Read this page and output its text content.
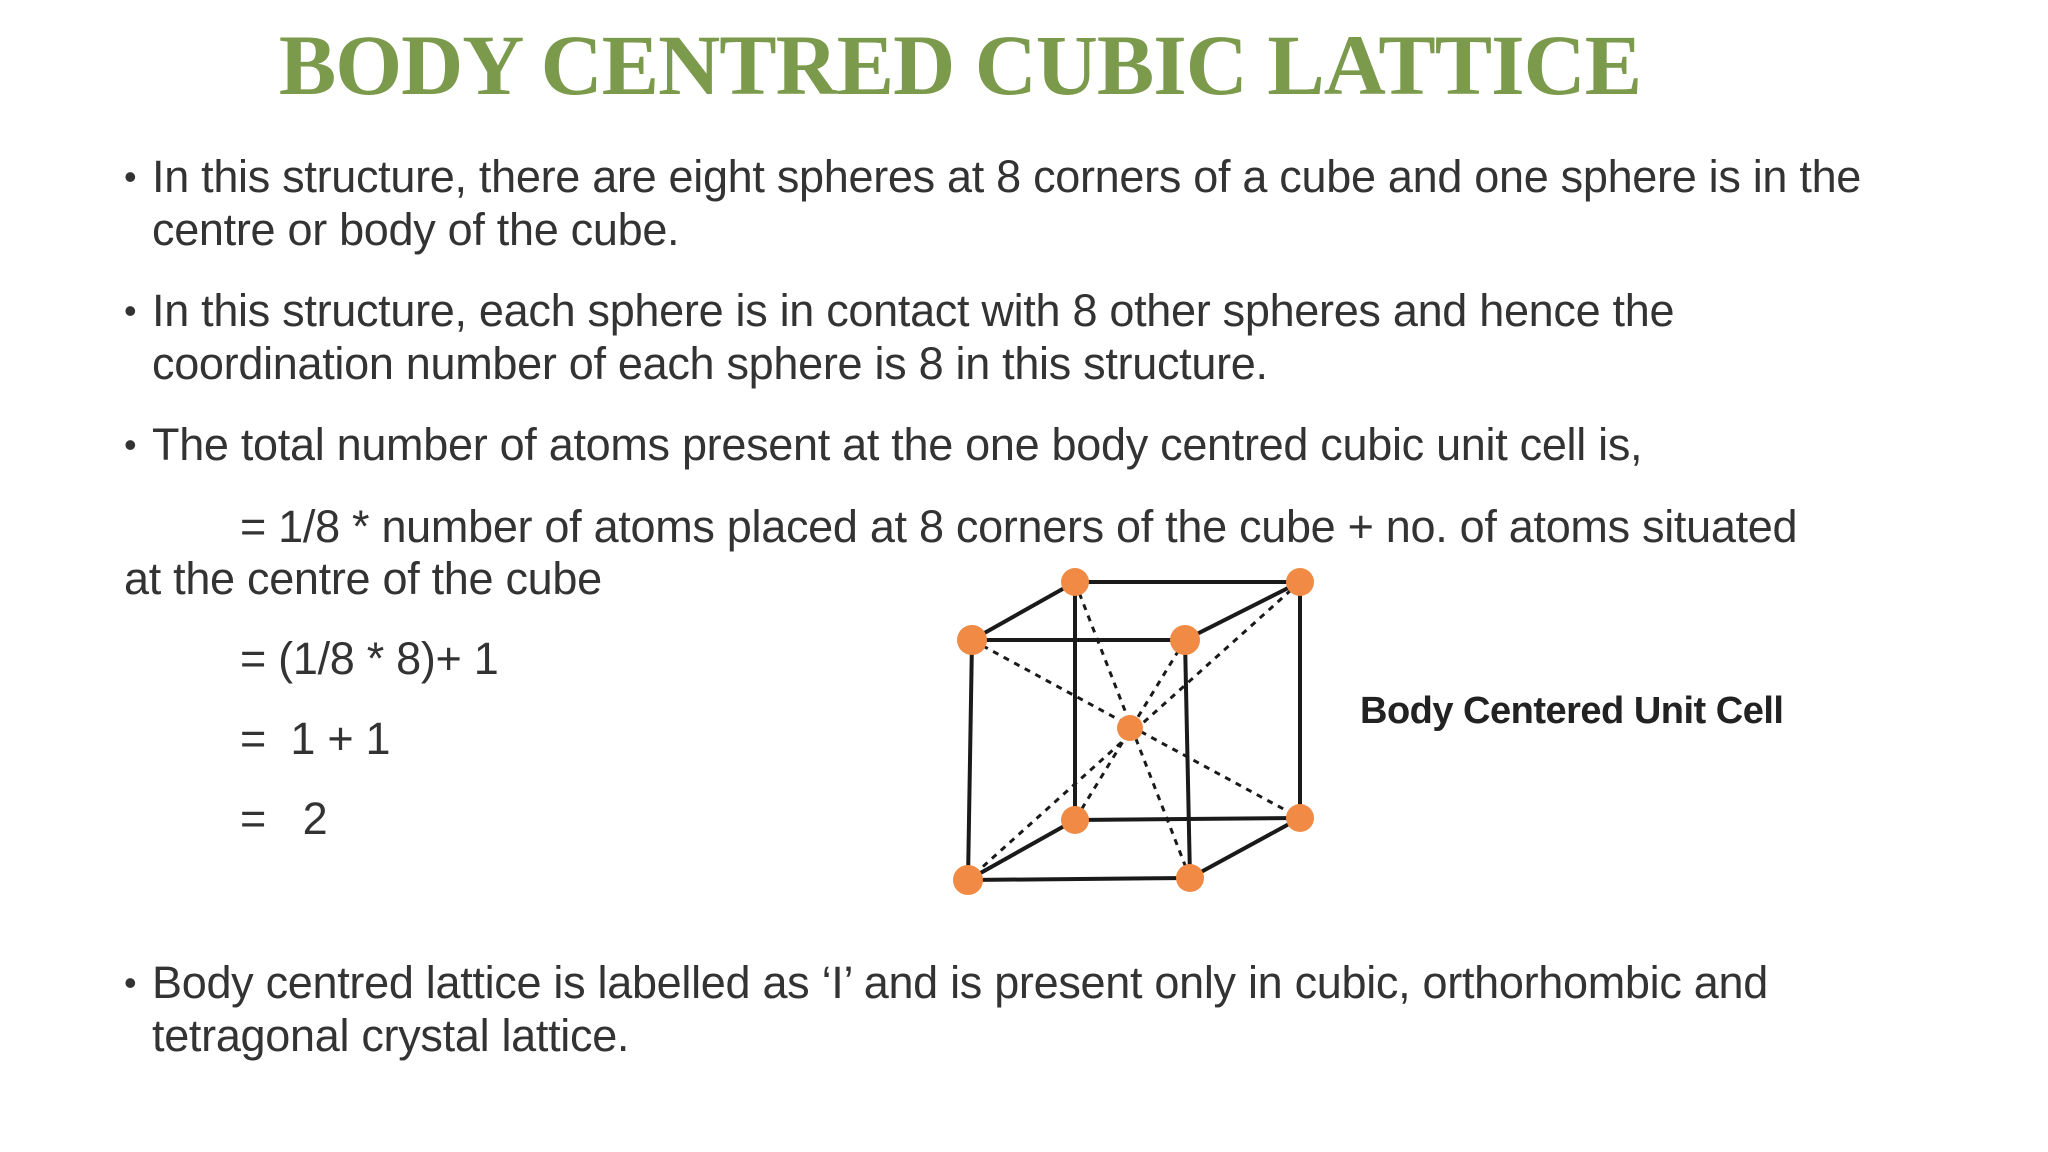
BODY CENTRED CUBIC LATTICE
• In this structure, there are eight spheres at 8 corners of a cube and one sphere is in the centre or body of the cube.
• In this structure, each sphere is in contact with 8 other spheres and hence the coordination number of each sphere is 8 in this structure.
• The total number of atoms present at the one body centred cubic unit cell is,
= 1/8 * number of atoms placed at 8 corners of the cube + no. of atoms situated
at the centre of the cube
= (1/8 * 8)+ 1
=  1 + 1
=   2
Body Centered Unit Cell
• Body centred lattice is labelled as ‘I’ and is present only in cubic, orthorhombic and tetragonal crystal lattice.
